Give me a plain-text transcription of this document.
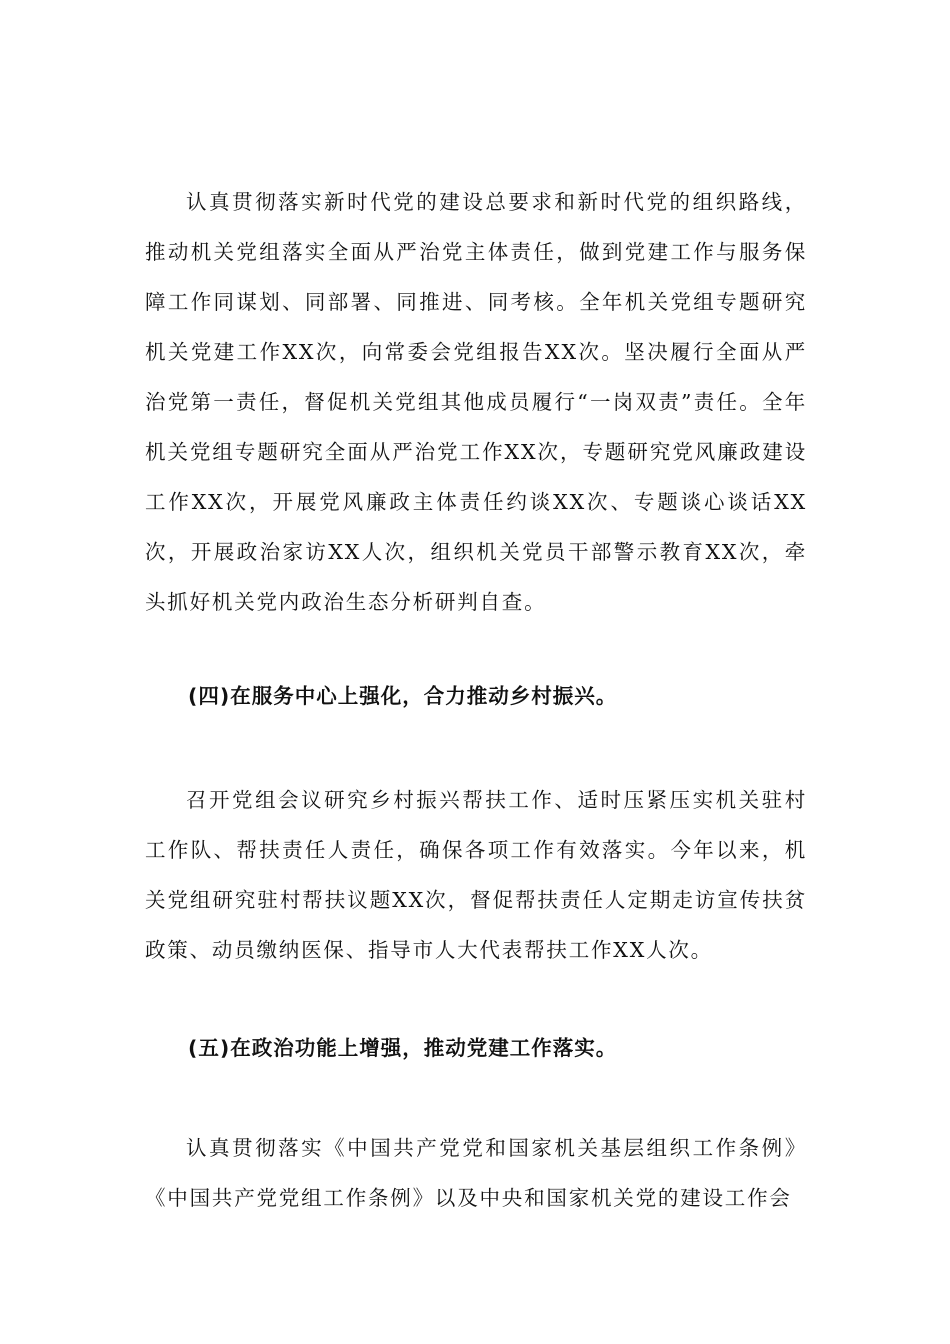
认真贯彻落实新时代党的建设总要求和新时代党的组织路线，推动机关党组落实全面从严治党主体责任，做到党建工作与服务保障工作同谋划、同部署、同推进、同考核。全年机关党组专题研究机关党建工作XX次，向常委会党组报告XX次。坚决履行全面从严治党第一责任，督促机关党组其他成员履行“一岗双责”责任。全年机关党组专题研究全面从严治党工作XX次，专题研究党风廉政建设工作XX次，开展党风廉政主体责任约谈XX次、专题谈心谈话XX次，开展政治家访XX人次，组织机关党员干部警示教育XX次，牵头抓好机关党内政治生态分析研判自查。

(四)在服务中心上强化，合力推动乡村振兴。

召开党组会议研究乡村振兴帮扶工作、适时压紧压实机关驻村工作队、帮扶责任人责任，确保各项工作有效落实。今年以来，机关党组研究驻村帮扶议题XX次，督促帮扶责任人定期走访宣传扶贫政策、动员缴纳医保、指导市人大代表帮扶工作XX人次。

(五)在政治功能上增强，推动党建工作落实。

认真贯彻落实《中国共产党党和国家机关基层组织工作条例》《中国共产党党组工作条例》以及中央和国家机关党的建设工作会
